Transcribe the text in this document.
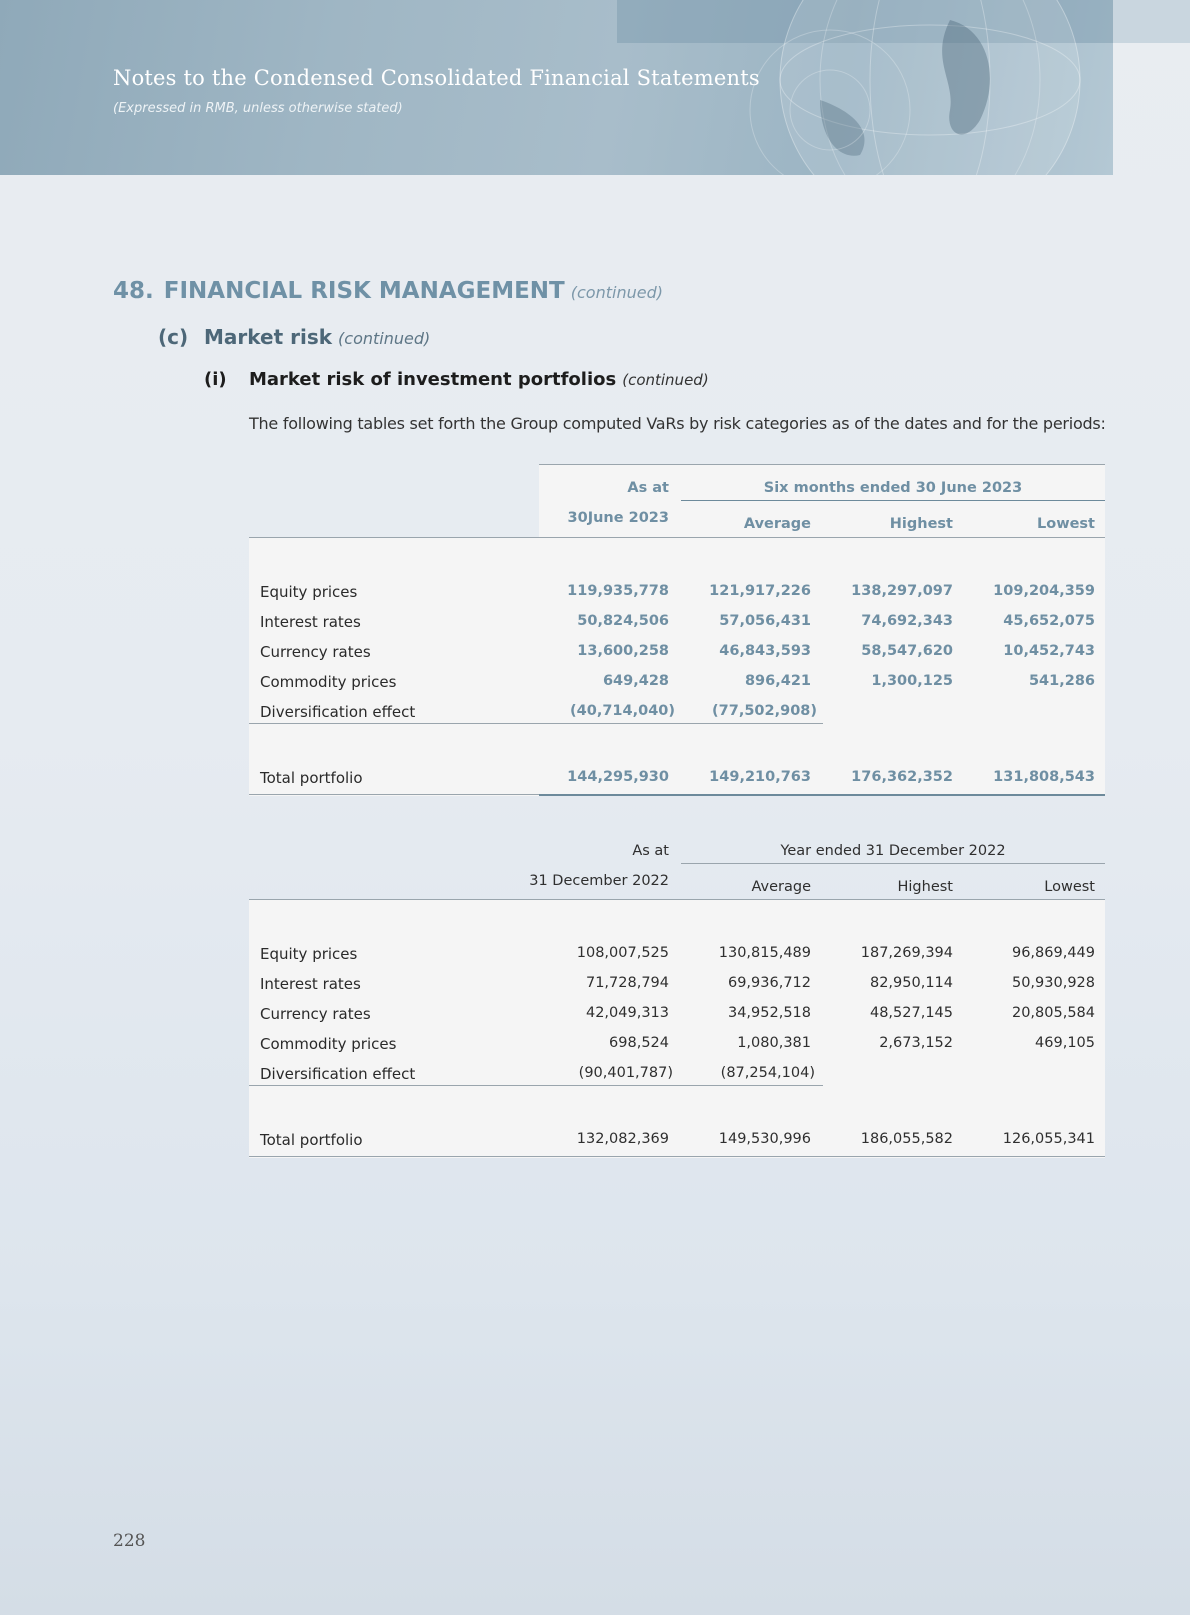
Notes to the Condensed Consolidated Financial Statements
(Expressed in RMB, unless otherwise stated)
48. FINANCIAL RISK MANAGEMENT (continued)
(c) Market risk (continued)
(i) Market risk of investment portfolios (continued)
The following tables set forth the Group computed VaRs by risk categories as of the dates and for the periods:
As at
30June 2023
Six months ended 30 June 2023
Average	Highest	Lowest
Equity prices	119,935,778	121,917,226	138,297,097	109,204,359
Interest rates	50,824,506	57,056,431	74,692,343	45,652,075
Currency rates	13,600,258	46,843,593	58,547,620	10,452,743
Commodity prices	649,428	896,421	1,300,125	541,286
Diversification effect	(40,714,040)	(77,502,908)
Total portfolio	144,295,930	149,210,763	176,362,352	131,808,543
As at
31 December 2022
Year ended 31 December 2022
Average	Highest	Lowest
Equity prices	108,007,525	130,815,489	187,269,394	96,869,449
Interest rates	71,728,794	69,936,712	82,950,114	50,930,928
Currency rates	42,049,313	34,952,518	48,527,145	20,805,584
Commodity prices	698,524	1,080,381	2,673,152	469,105
Diversification effect	(90,401,787)	(87,254,104)
Total portfolio	132,082,369	149,530,996	186,055,582	126,055,341
228
